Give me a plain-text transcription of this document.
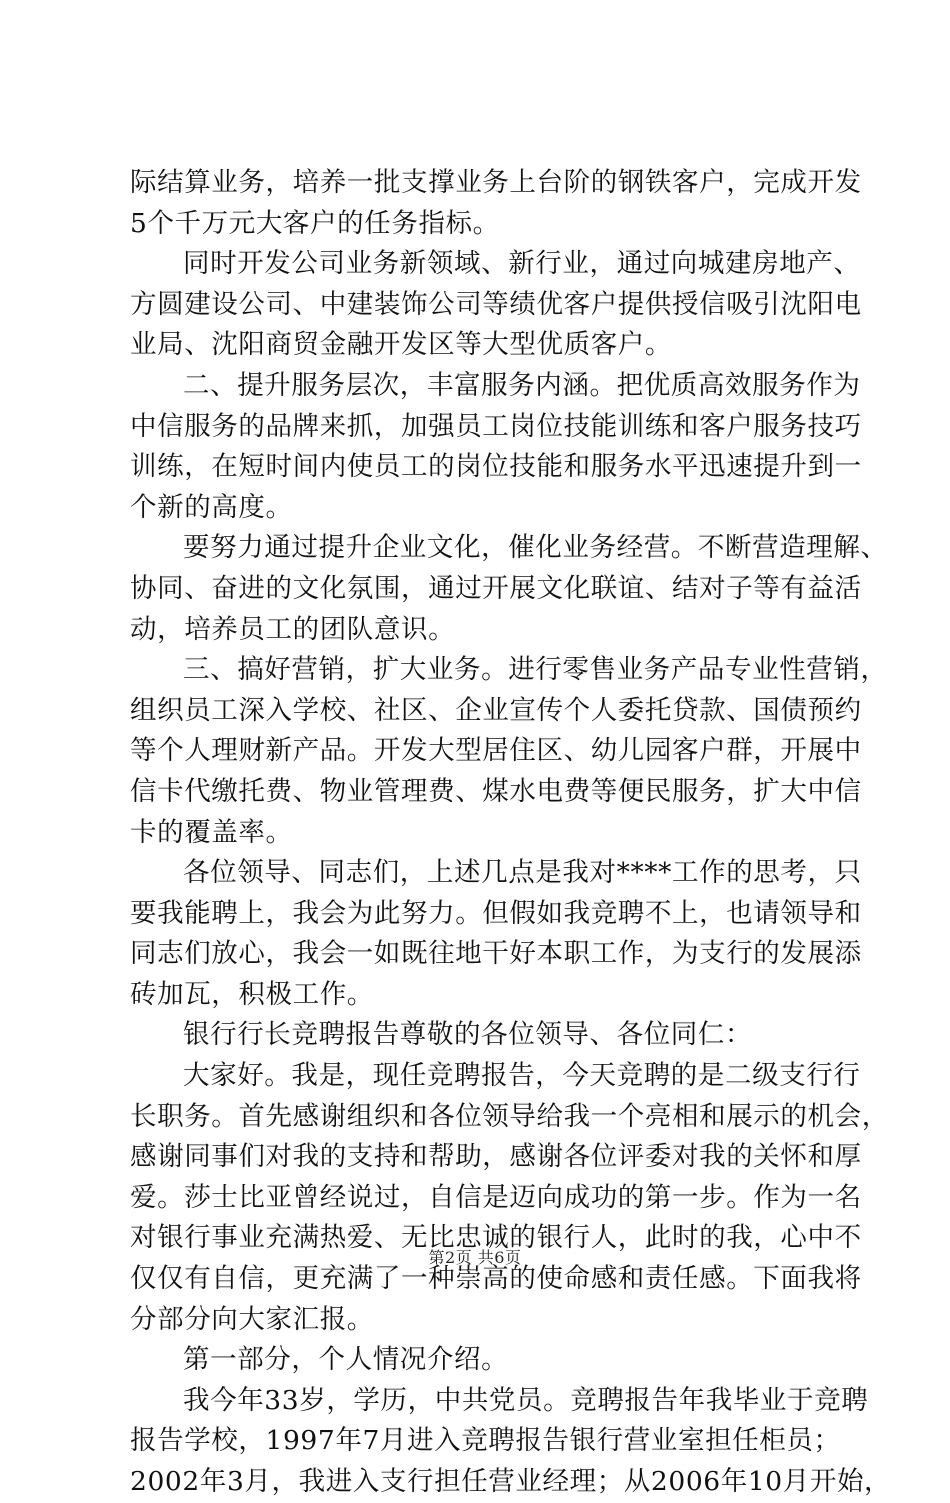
际结算业务，培养一批支撑业务上台阶的钢铁客户，完成开发
5个千万元大客户的任务指标。
同时开发公司业务新领域、新行业，通过向城建房地产、
方圆建设公司、中建装饰公司等绩优客户提供授信吸引沈阳电
业局、沈阳商贸金融开发区等大型优质客户。
二、提升服务层次，丰富服务内涵。把优质高效服务作为
中信服务的品牌来抓，加强员工岗位技能训练和客户服务技巧
训练，在短时间内使员工的岗位技能和服务水平迅速提升到一
个新的高度。
要努力通过提升企业文化，催化业务经营。不断营造理解、
协同、奋进的文化氛围，通过开展文化联谊、结对子等有益活
动，培养员工的团队意识。
三、搞好营销，扩大业务。进行零售业务产品专业性营销，
组织员工深入学校、社区、企业宣传个人委托贷款、国债预约
等个人理财新产品。开发大型居住区、幼儿园客户群，开展中
信卡代缴托费、物业管理费、煤水电费等便民服务，扩大中信
卡的覆盖率。
各位领导、同志们，上述几点是我对****工作的思考，只
要我能聘上，我会为此努力。但假如我竞聘不上，也请领导和
同志们放心，我会一如既往地干好本职工作，为支行的发展添
砖加瓦，积极工作。
银行行长竞聘报告尊敬的各位领导、各位同仁：
大家好。我是，现任竞聘报告，今天竞聘的是二级支行行
长职务。首先感谢组织和各位领导给我一个亮相和展示的机会，
感谢同事们对我的支持和帮助，感谢各位评委对我的关怀和厚
爱。莎士比亚曾经说过，自信是迈向成功的第一步。作为一名
对银行事业充满热爱、无比忠诚的银行人，此时的我，心中不
仅仅有自信，更充满了一种崇高的使命感和责任感。下面我将
分部分向大家汇报。
第一部分，个人情况介绍。
我今年33岁，学历，中共党员。竞聘报告年我毕业于竞聘
报告学校，1997年7月进入竞聘报告银行营业室担任柜员；
2002年3月，我进入支行担任营业经理；从2006年10月开始，
第2页 共6页
